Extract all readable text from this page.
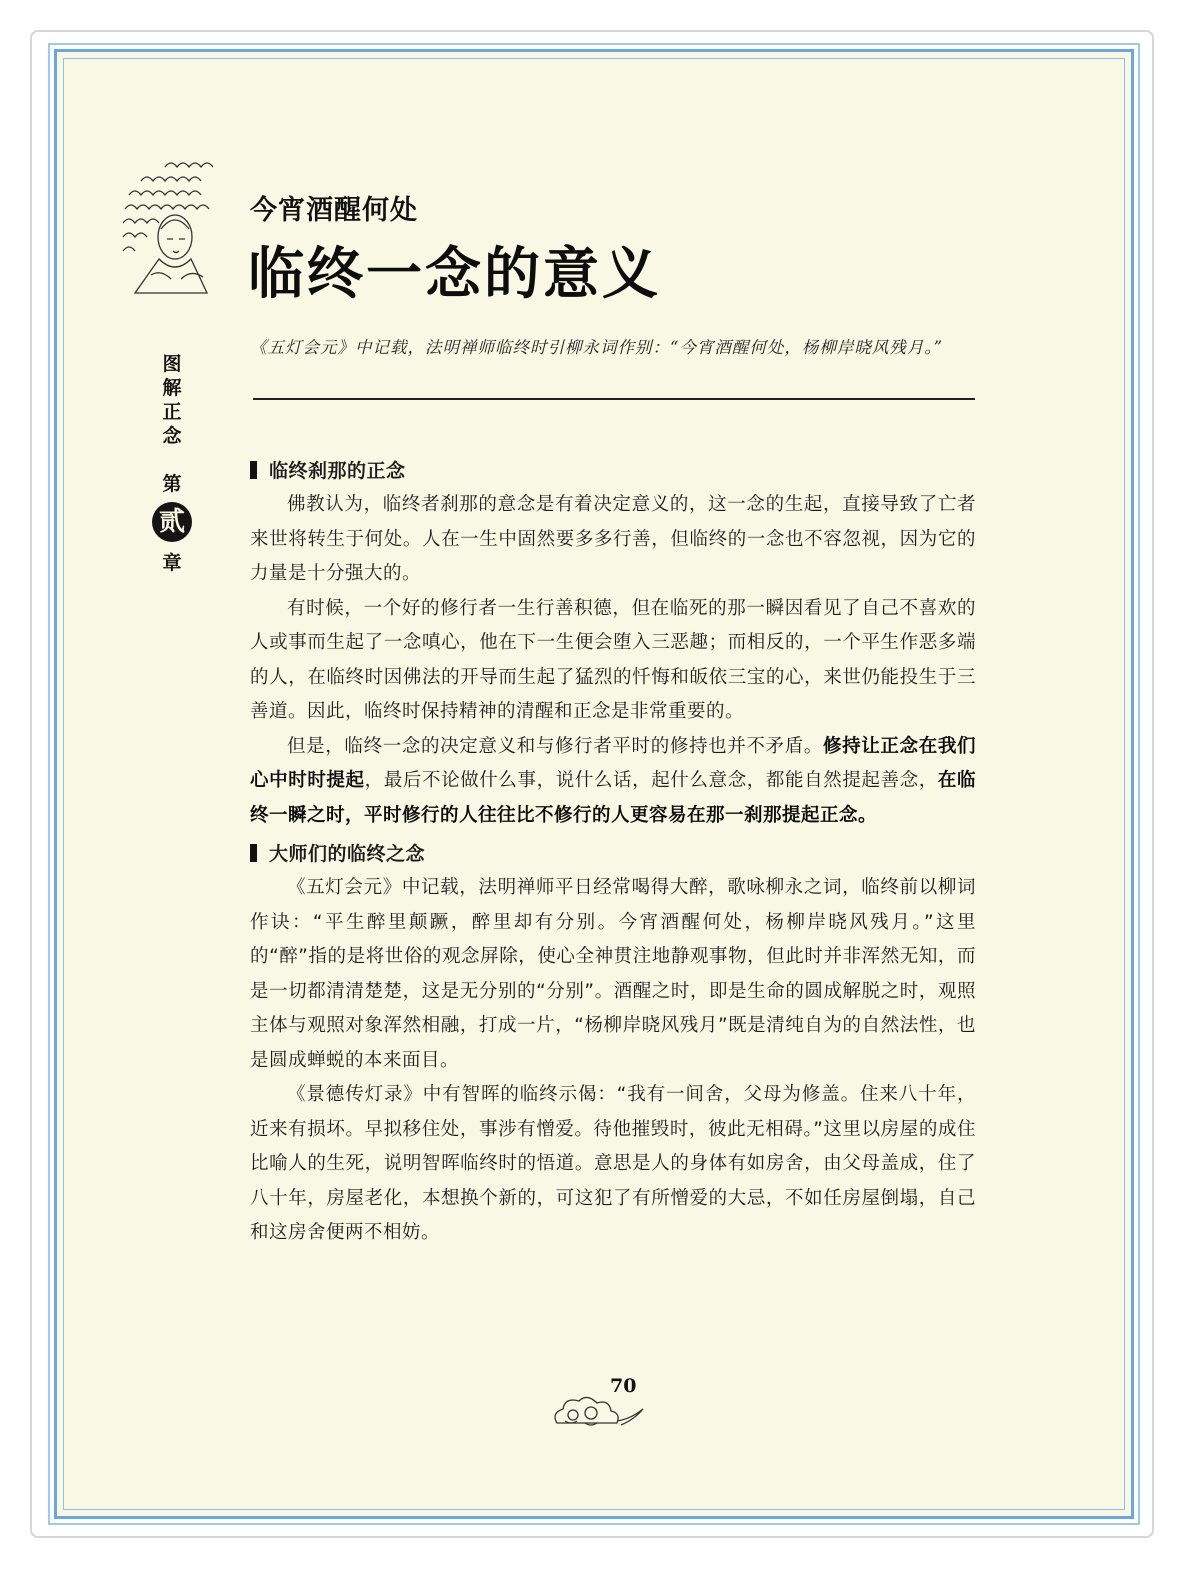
今宵酒醒何处
临终一念的意义
图解正念
第
贰
章
《五灯会元》中记载，法明禅师临终时引柳永词作别：“今宵酒醒何处，杨柳岸晓风残月。”
临终刹那的正念

佛教认为，临终者刹那的意念是有着决定意义的，这一念的生起，直接导致了亡者来世将转生于何处。人在一生中固然要多多行善，但临终的一念也不容忽视，因为它的力量是十分强大的。

有时候，一个好的修行者一生行善积德，但在临死的那一瞬因看见了自己不喜欢的人或事而生起了一念嗔心，他在下一生便会堕入三恶趣；而相反的，一个平生作恶多端的人，在临终时因佛法的开导而生起了猛烈的忏悔和皈依三宝的心，来世仍能投生于三善道。因此，临终时保持精神的清醒和正念是非常重要的。

但是，临终一念的决定意义和与修行者平时的修持也并不矛盾。修持让正念在我们心中时时提起，最后不论做什么事，说什么话，起什么意念，都能自然提起善念，在临终一瞬之时，平时修行的人往往比不修行的人更容易在那一刹那提起正念。

大师们的临终之念

《五灯会元》中记载，法明禅师平日经常喝得大醉，歌咏柳永之词，临终前以柳词作诀：“平生醉里颠蹶，醉里却有分别。今宵酒醒何处，杨柳岸晓风残月。”这里的“醉”指的是将世俗的观念屏除，使心全神贯注地静观事物，但此时并非浑然无知，而是一切都清清楚楚，这是无分别的“分别”。酒醒之时，即是生命的圆成解脱之时，观照主体与观照对象浑然相融，打成一片，“杨柳岸晓风残月”既是清纯自为的自然法性，也是圆成蝉蜕的本来面目。

《景德传灯录》中有智晖的临终示偈：“我有一间舍，父母为修盖。住来八十年，近来有损坏。早拟移住处，事涉有憎爱。待他摧毁时，彼此无相碍。”这里以房屋的成住比喻人的生死，说明智晖临终时的悟道。意思是人的身体有如房舍，由父母盖成，住了八十年，房屋老化，本想换个新的，可这犯了有所憎爱的大忌，不如任房屋倒塌，自己和这房舍便两不相妨。

70
